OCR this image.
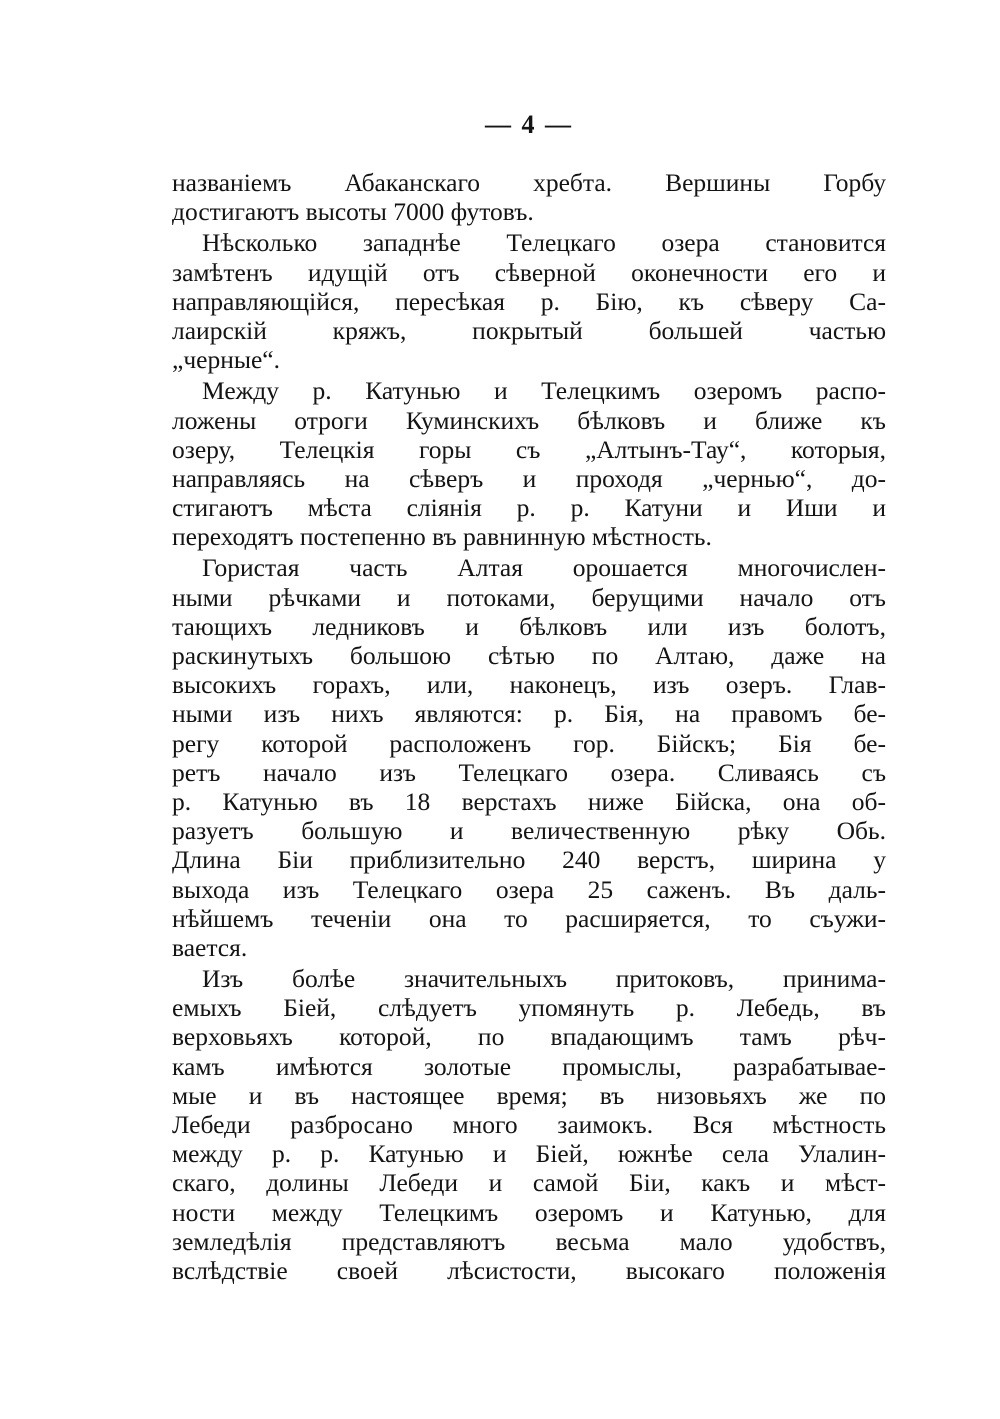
— 4 —
названіемъ Абаканскаго хребта. Вершины Горбу
достигаютъ высоты 7000 футовъ.
Нѣсколько западнѣе Телецкаго озера становится
замѣтенъ идущій отъ сѣверной оконечности его и
направляющійся, пересѣкая р. Бію, къ сѣверу Са-
лаирскій кряжъ, покрытый большей частью
„черные“.
Между р. Катунью и Телецкимъ озеромъ распо-
ложены отроги Куминскихъ бѣлковъ и ближе къ
озеру, Телецкія горы съ „Алтынъ-Тау“, которыя,
направляясь на сѣверъ и проходя „чернью“, до-
стигаютъ мѣста сліянія р. р. Катуни и Иши и
переходятъ постепенно въ равнинную мѣстность.
Гористая часть Алтая орошается многочислен-
ными рѣчками и потоками, берущими начало отъ
тающихъ ледниковъ и бѣлковъ или изъ болотъ,
раскинутыхъ большою сѣтью по Алтаю, даже на
высокихъ горахъ, или, наконецъ, изъ озеръ. Глав-
ными изъ нихъ являются: р. Бія, на правомъ бе-
регу которой расположенъ гор. Бійскъ; Бія бе-
ретъ начало изъ Телецкаго озера. Сливаясь съ
р. Катунью въ 18 верстахъ ниже Бійска, она об-
разуетъ большую и величественную рѣку Обь.
Длина Біи приблизительно 240 верстъ, ширина у
выхода изъ Телецкаго озера 25 саженъ. Въ даль-
нѣйшемъ теченіи она то расширяется, то съужи-
вается.
Изъ болѣе значительныхъ притоковъ, принима-
емыхъ Біей, слѣдуетъ упомянуть р. Лебедь, въ
верховьяхъ которой, по впадающимъ тамъ рѣч-
камъ имѣются золотые промыслы, разрабатывае-
мые и въ настоящее время; въ низовьяхъ же по
Лебеди разбросано много заимокъ. Вся мѣстность
между р. р. Катунью и Біей, южнѣе села Улалин-
скаго, долины Лебеди и самой Біи, какъ и мѣст-
ности между Телецкимъ озеромъ и Катунью, для
земледѣлія представляютъ весьма мало удобствъ,
вслѣдствіе своей лѣсистости, высокаго положенія
